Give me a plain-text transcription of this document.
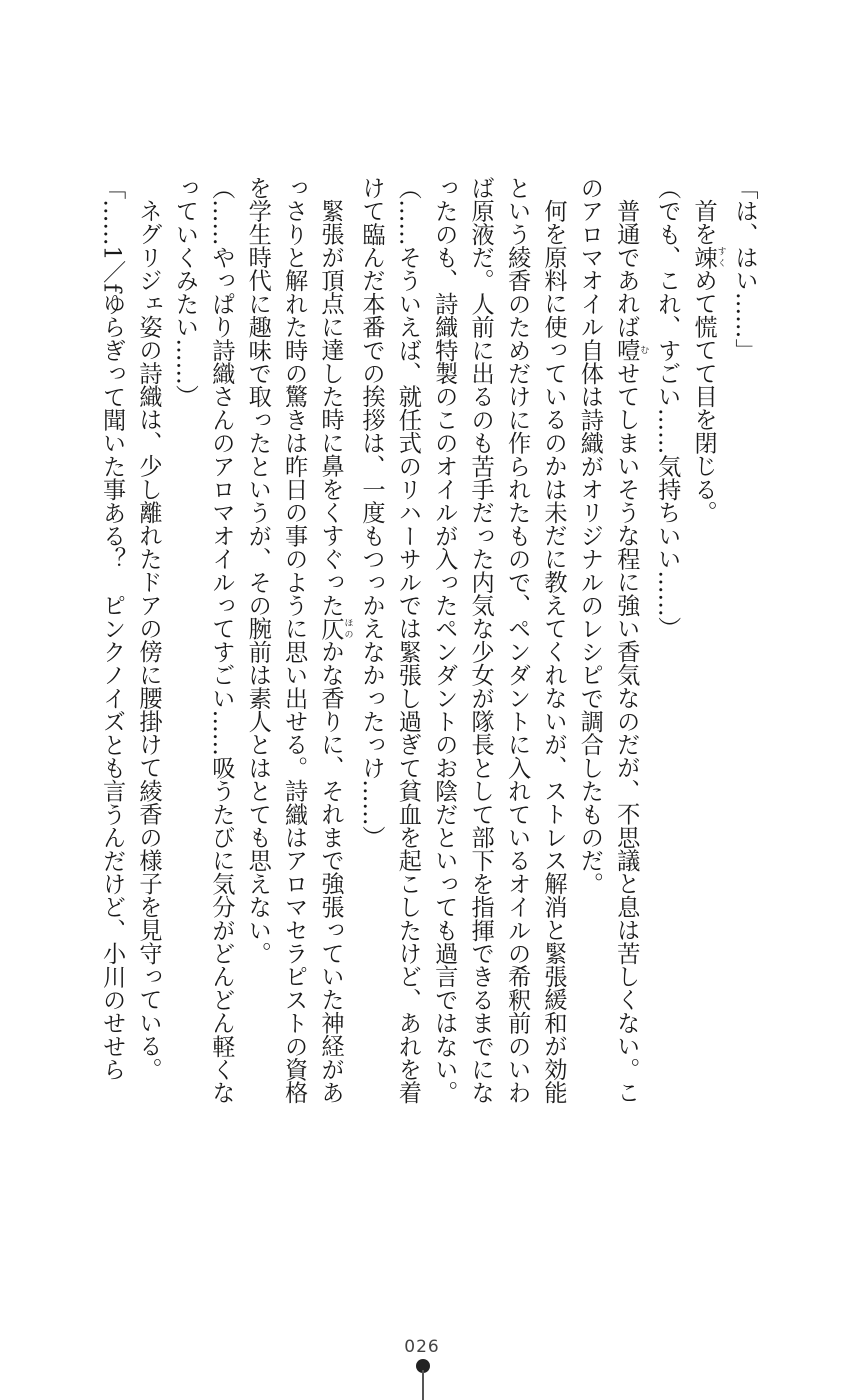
「は、はい……」
首を竦すくめて慌てて目を閉じる。
（でも、これ、すごい……気持ちいい……）
普通であれば噎むせてしまいそうな程に強い香気なのだが、不思議と息は苦しくない。こ
のアロマオイル自体は詩織がオリジナルのレシピで調合したものだ。
何を原料に使っているのかは未だに教えてくれないが、ストレス解消と緊張緩和が効能
という綾香のためだけに作られたもので、ペンダントに入れているオイルの希釈前のいわ
ば原液だ。人前に出るのも苦手だった内気な少女が隊長として部下を指揮できるまでにな
ったのも、詩織特製のこのオイルが入ったペンダントのお陰だといっても過言ではない。
（……そういえば、就任式のリハーサルでは緊張し過ぎて貧血を起こしたけど、あれを着
けて臨んだ本番での挨拶は、一度もつっかえなかったっけ……）
緊張が頂点に達した時に鼻をくすぐった仄ほのかな香りに、それまで強張っていた神経があ
っさりと解れた時の驚きは昨日の事のように思い出せる。詩織はアロマセラピストの資格
を学生時代に趣味で取ったというが、その腕前は素人とはとても思えない。
（……やっぱり詩織さんのアロマオイルってすごい……吸うたびに気分がどんどん軽くな
っていくみたい……）
ネグリジェ姿の詩織は、少し離れたドアの傍に腰掛けて綾香の様子を見守っている。
「……1／fゆらぎって聞いた事ある？　ピンクノイズとも言うんだけど、小川のせせら
026
